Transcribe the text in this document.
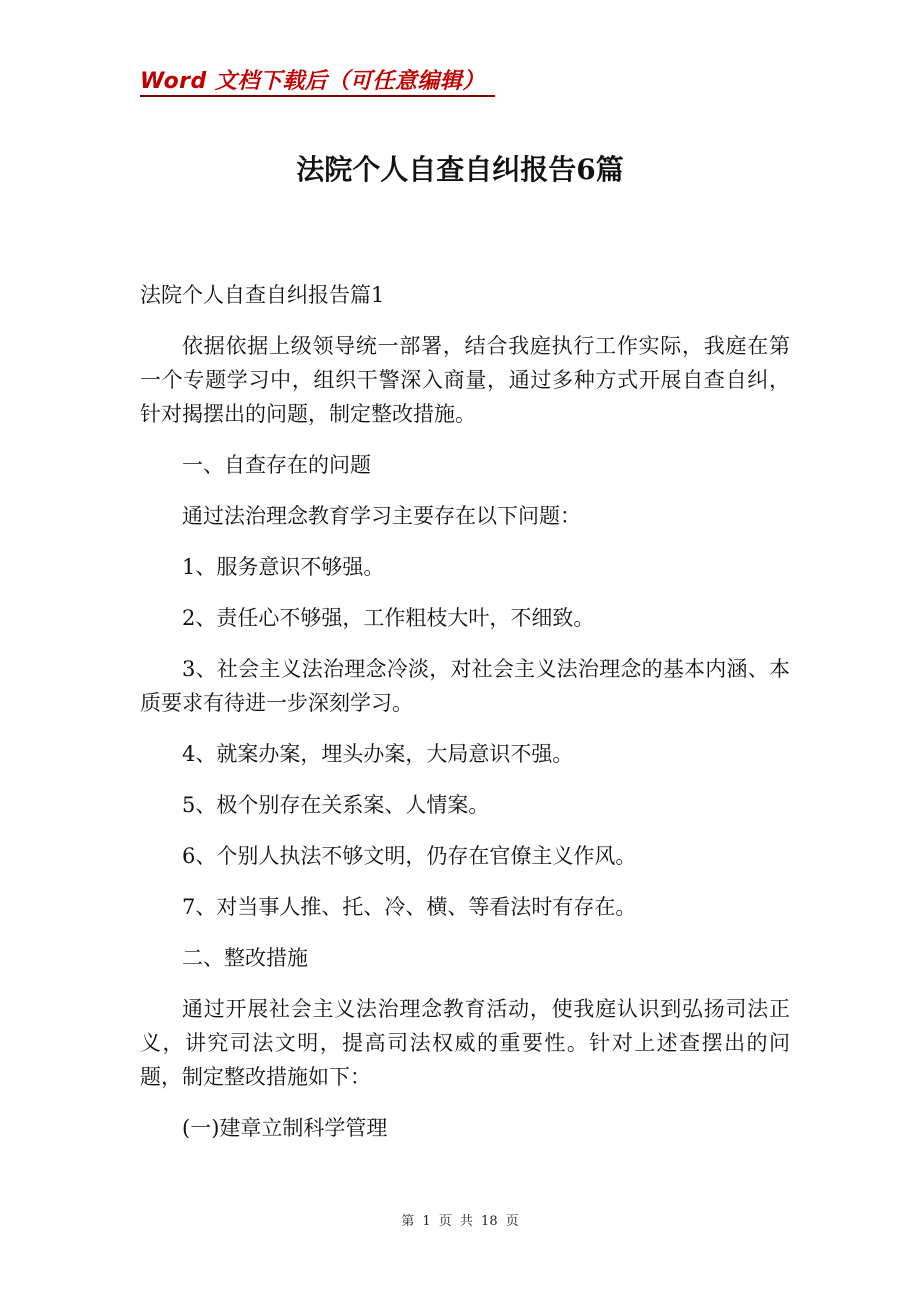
Word 文档下载后（可任意编辑）
法院个人自查自纠报告6篇

法院个人自查自纠报告篇1

依据依据上级领导统一部署，结合我庭执行工作实际，我庭在第一个专题学习中，组织干警深入商量，通过多种方式开展自查自纠，针对揭摆出的问题，制定整改措施。

一、自查存在的问题

通过法治理念教育学习主要存在以下问题：

1、服务意识不够强。

2、责任心不够强，工作粗枝大叶，不细致。

3、社会主义法治理念冷淡，对社会主义法治理念的基本内涵、本质要求有待进一步深刻学习。

4、就案办案，埋头办案，大局意识不强。

5、极个别存在关系案、人情案。

6、个别人执法不够文明，仍存在官僚主义作风。

7、对当事人推、托、冷、横、等看法时有存在。

二、整改措施

通过开展社会主义法治理念教育活动，使我庭认识到弘扬司法正义，讲究司法文明，提高司法权威的重要性。针对上述查摆出的问题，制定整改措施如下：

(一)建章立制科学管理

第 1 页 共 18 页
